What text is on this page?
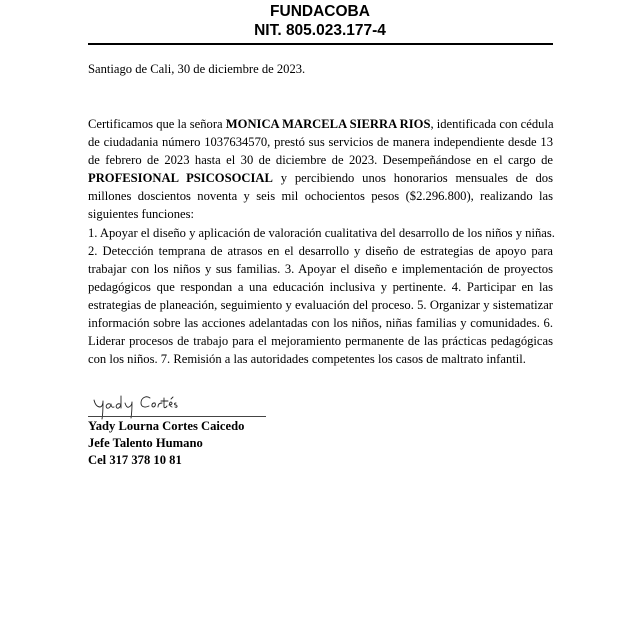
FUNDACOBA
NIT. 805.023.177-4
Santiago de Cali, 30 de diciembre de 2023.
Certificamos que la señora MONICA MARCELA SIERRA RIOS, identificada con cédula
de ciudadania número 1037634570, prestó sus servicios de manera independiente desde 13
de febrero de 2023 hasta el 30 de diciembre de 2023. Desempeñándose en el cargo de
PROFESIONAL PSICOSOCIAL y percibiendo unos honorarios mensuales de dos
millones doscientos noventa y seis mil ochocientos pesos ($2.296.800), realizando las
siguientes funciones:
1. Apoyar el diseño y aplicación de valoración cualitativa del desarrollo de los niños y niñas.
2. Detección temprana de atrasos en el desarrollo y diseño de estrategias de apoyo para
trabajar con los niños y sus familias. 3. Apoyar el diseño e implementación de proyectos
pedagógicos que respondan a una educación inclusiva y pertinente. 4. Participar en las
estrategias de planeación, seguimiento y evaluación del proceso. 5. Organizar y sistematizar
información sobre las acciones adelantadas con los niños, niñas familias y comunidades. 6.
Liderar procesos de trabajo para el mejoramiento permanente de las prácticas pedagógicas
con los niños. 7. Remisión a las autoridades competentes los casos de maltrato infantil.
Yady Lourna Cortes Caicedo
Jefe Talento Humano
Cel 317 378 10 81
